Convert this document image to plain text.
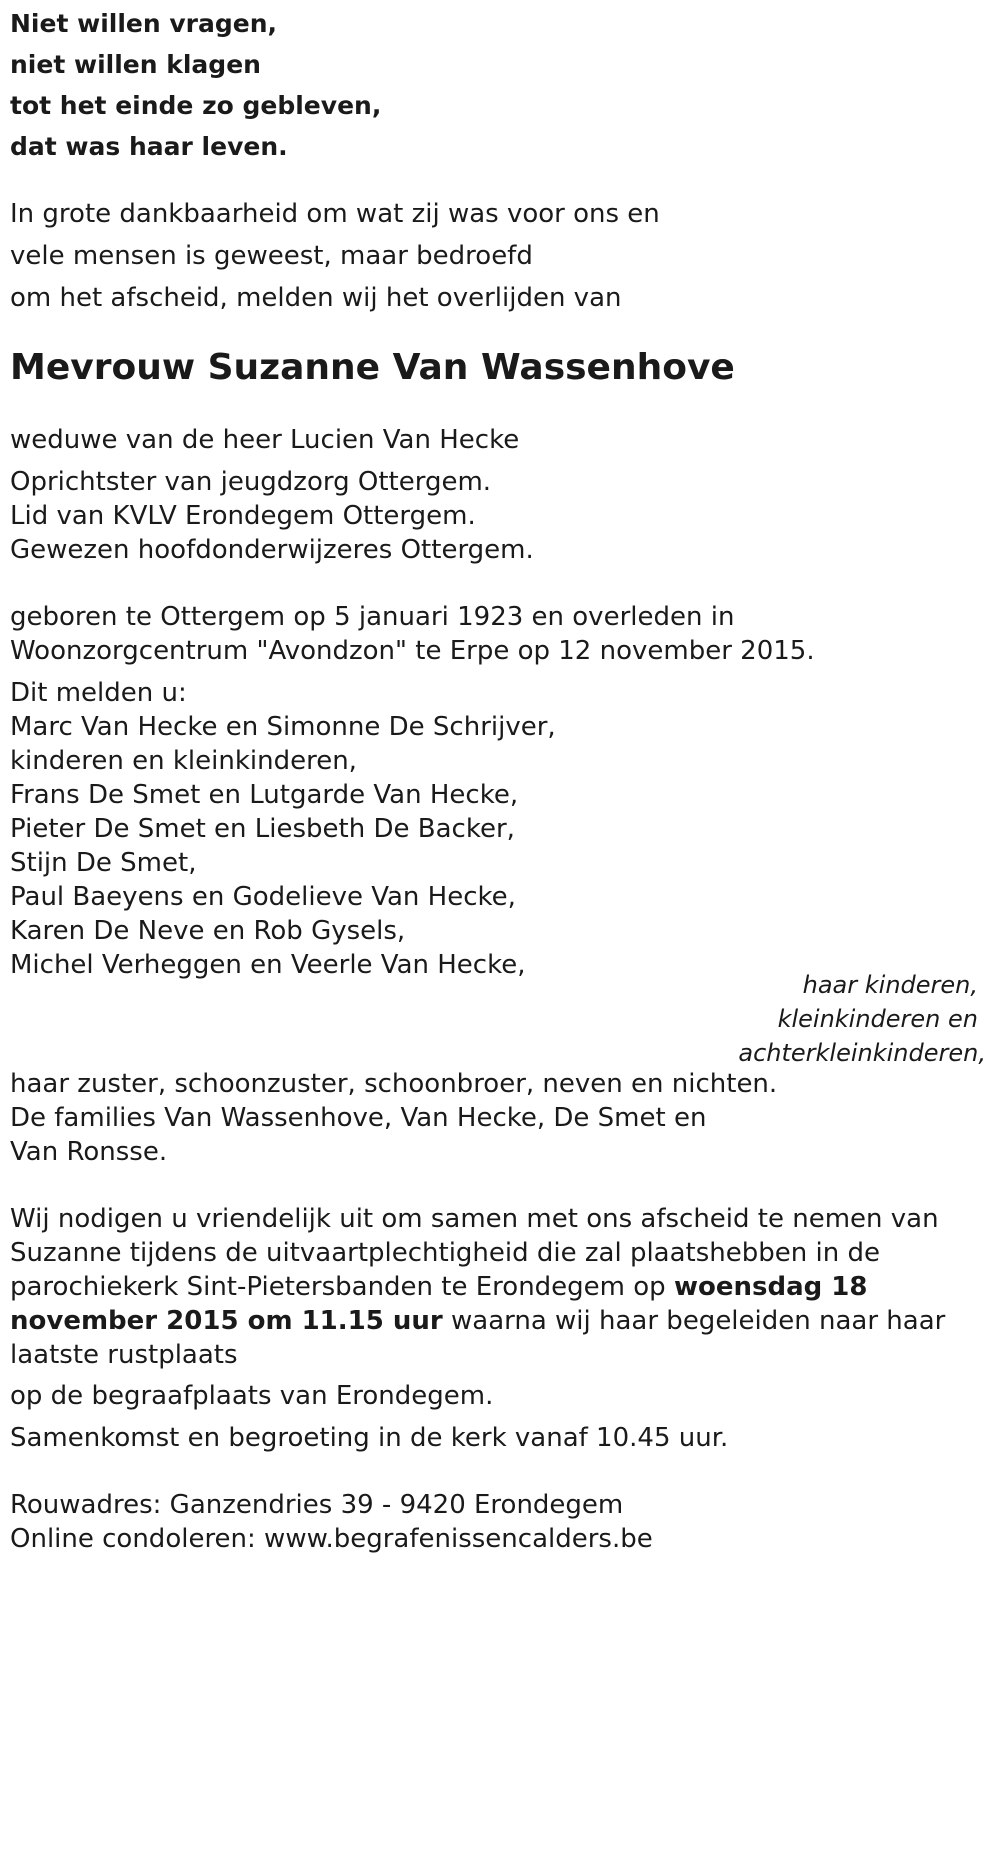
Niet willen vragen,
niet willen klagen
tot het einde zo gebleven,
dat was haar leven.
In grote dankbaarheid om wat zij was voor ons en
vele mensen is geweest, maar bedroefd
om het afscheid, melden wij het overlijden van
Mevrouw Suzanne Van Wassenhove
weduwe van de heer Lucien Van Hecke
Oprichtster van jeugdzorg Ottergem.
Lid van KVLV Erondegem Ottergem.
Gewezen hoofdonderwijzeres Ottergem.
geboren te Ottergem op 5 januari 1923 en overleden in
Woonzorgcentrum "Avondzon" te Erpe op 12 november 2015.
Dit melden u:
Marc Van Hecke en Simonne De Schrijver,
kinderen en kleinkinderen,
Frans De Smet en Lutgarde Van Hecke,
Pieter De Smet en Liesbeth De Backer,
Stijn De Smet,
Paul Baeyens en Godelieve Van Hecke,
Karen De Neve en Rob Gysels,
Michel Verheggen en Veerle Van Hecke,
haar kinderen,
kleinkinderen en
achterkleinkinderen,
haar zuster, schoonzuster, schoonbroer, neven en nichten.
De families Van Wassenhove, Van Hecke, De Smet en
Van Ronsse.
Wij nodigen u vriendelijk uit om samen met ons afscheid te nemen van
Suzanne tijdens de uitvaartplechtigheid die zal plaatshebben in de
parochiekerk Sint-Pietersbanden te Erondegem op woensdag 18
november 2015 om 11.15 uur waarna wij haar begeleiden naar haar
laatste rustplaats
op de begraafplaats van Erondegem.
Samenkomst en begroeting in de kerk vanaf 10.45 uur.
Rouwadres: Ganzendries 39 - 9420 Erondegem
Online condoleren: www.begrafenissencalders.be
